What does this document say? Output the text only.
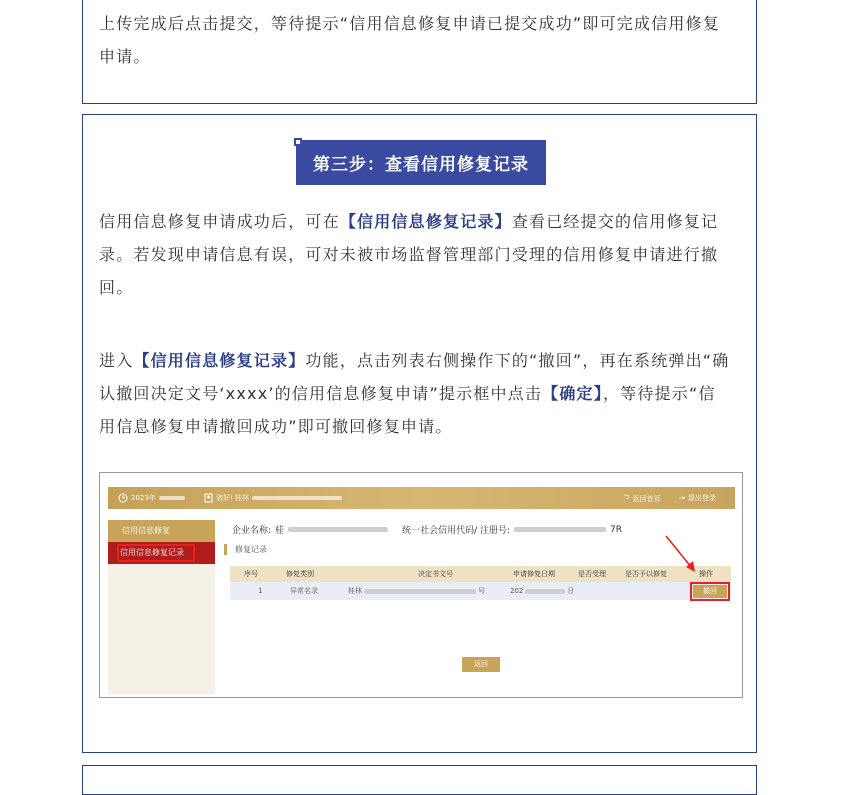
上传完成后点击提交，等待提示“信用信息修复申请已提交成功”即可完成信用修复
申请。

第三步：查看信用修复记录

信用信息修复申请成功后，可在【信用信息修复记录】查看已经提交的信用修复记
录。若发现申请信息有误，可对未被市场监督管理部门受理的信用修复申请进行撤
回。

进入【信用信息修复记录】功能，点击列表右侧操作下的“撤回”，再在系统弹出“确
认撤回决定文号‘xxxx’的信用信息修复申请”提示框中点击【确定】，等待提示“信
用信息修复申请撤回成功”即可撤回修复申请。

2023年	您好! 桂林	⮌ 返回首页	⇥ 退出登录
信用信息修复
信用信息修复记录
企业名称: 桂	统一社会信用代码/ 注册号:	7R
修复记录
序号	修复类别	决定书文号	申请修复日期	是否受理	是否予以修复	操作
1	异常名录	桂林	号	202	日	撤回
返回
